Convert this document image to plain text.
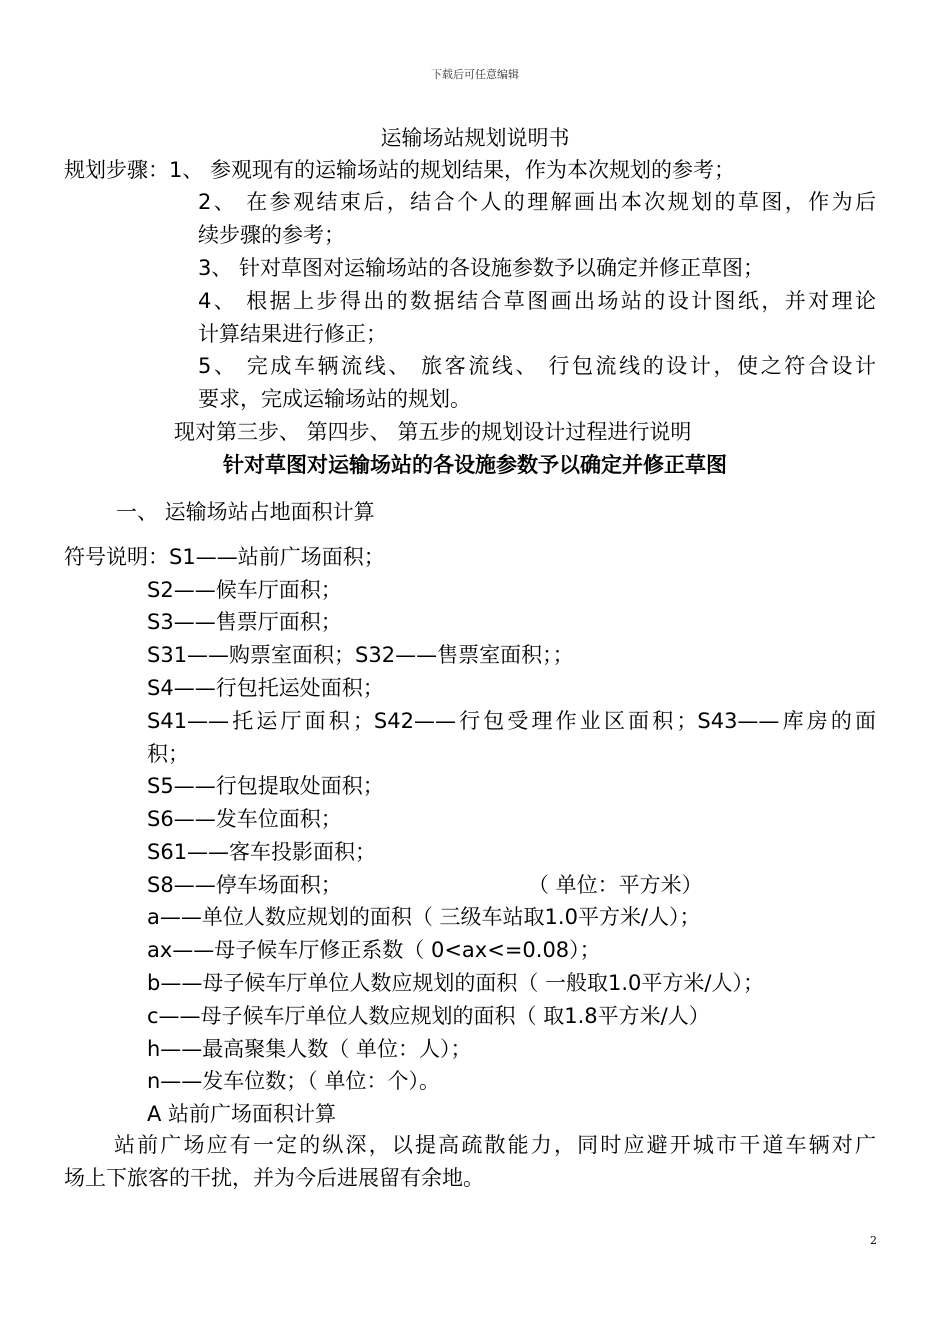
下载后可任意编辑
运输场站规划说明书
规划步骤：1、 参观现有的运输场站的规划结果，作为本次规划的参考；
2、 在参观结束后，结合个人的理解画出本次规划的草图，作为后
续步骤的参考；
3、 针对草图对运输场站的各设施参数予以确定并修正草图；
4、 根据上步得出的数据结合草图画出场站的设计图纸，并对理论
计算结果进行修正；
5、 完成车辆流线、 旅客流线、 行包流线的设计，使之符合设计
要求，完成运输场站的规划。
现对第三步、 第四步、 第五步的规划设计过程进行说明
针对草图对运输场站的各设施参数予以确定并修正草图
一、 运输场站占地面积计算
符号说明：S1——站前广场面积；
S2——候车厅面积；
S3——售票厅面积；
S31——购票室面积；S32——售票室面积；；
S4——行包托运处面积；
S41——托运厅面积；S42——行包受理作业区面积；S43——库房的面
积；
S5——行包提取处面积；
S6——发车位面积；
S61——客车投影面积；
S8——停车场面积；	（ 单位：平方米）
a——单位人数应规划的面积（ 三级车站取1.0平方米/人）；
ax——母子候车厅修正系数（ 0<ax<=0.08）；
b——母子候车厅单位人数应规划的面积（ 一般取1.0平方米/人）；
c——母子候车厅单位人数应规划的面积（ 取1.8平方米/人）
h——最高聚集人数（ 单位：人）；
n——发车位数；（ 单位：个）。
A 站前广场面积计算
站前广场应有一定的纵深，以提高疏散能力，同时应避开城市干道车辆对广
场上下旅客的干扰，并为今后进展留有余地。
2
